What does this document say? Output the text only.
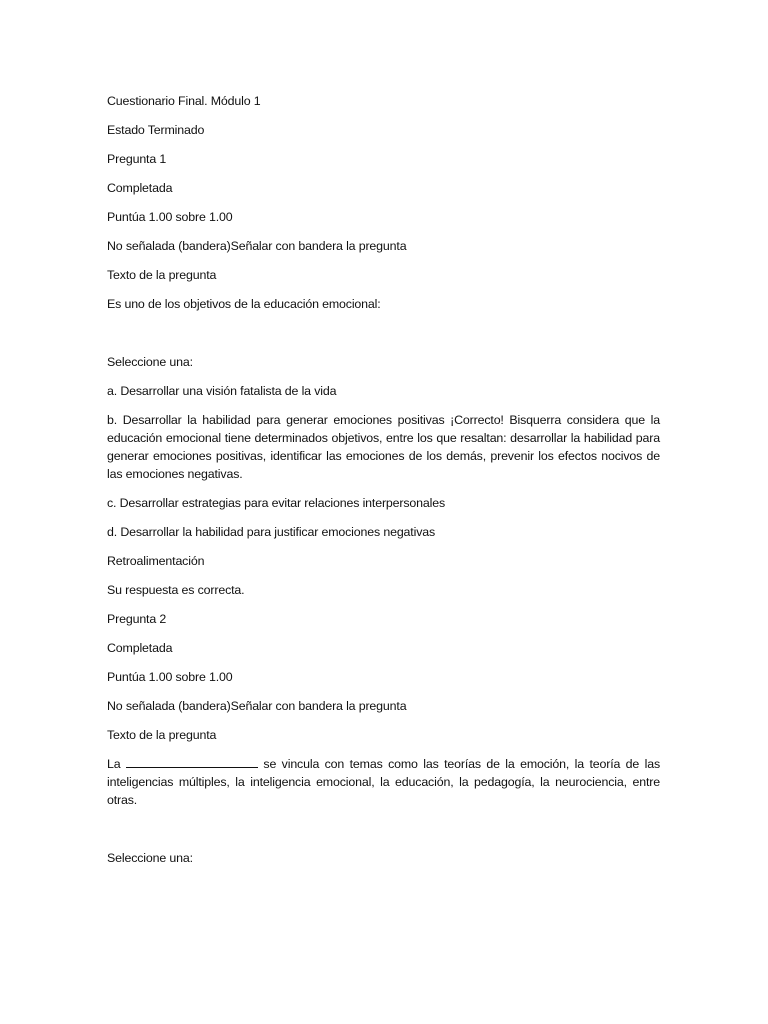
Cuestionario Final. Módulo 1
Estado Terminado
Pregunta 1
Completada
Puntúa 1.00 sobre 1.00
No señalada (bandera)Señalar con bandera la pregunta
Texto de la pregunta
Es uno de los objetivos de la educación emocional:
Seleccione una:
a. Desarrollar una visión fatalista de la vida
b. Desarrollar la habilidad para generar emociones positivas ¡Correcto! Bisquerra considera que la educación emocional tiene determinados objetivos, entre los que resaltan: desarrollar la habilidad para generar emociones positivas, identificar las emociones de los demás, prevenir los efectos nocivos de las emociones negativas.
c. Desarrollar estrategias para evitar relaciones interpersonales
d. Desarrollar la habilidad para justificar emociones negativas
Retroalimentación
Su respuesta es correcta.
Pregunta 2
Completada
Puntúa 1.00 sobre 1.00
No señalada (bandera)Señalar con bandera la pregunta
Texto de la pregunta
La	se vincula con temas como las teorías de la emoción, la teoría de las inteligencias múltiples, la inteligencia emocional, la educación, la pedagogía, la neurociencia, entre otras.
Seleccione una:
